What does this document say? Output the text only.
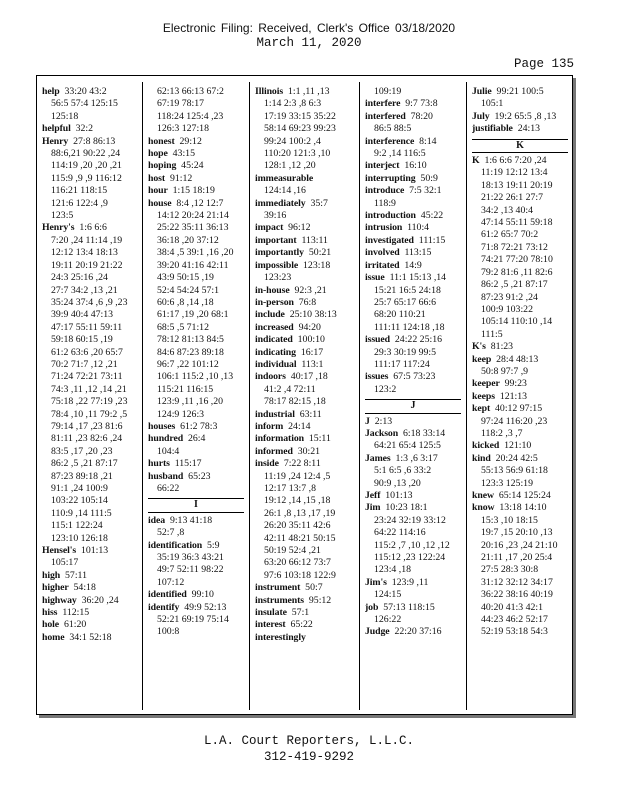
Electronic Filing: Received, Clerk's Office 03/18/2020
March 11, 2020
Page 135
help 33:20 43:2
56:5 57:4 125:15
125:18
helpful 32:2
Henry 27:8 86:13
88:6,21 90:22 ,24
114:19 ,20 ,20 ,21
115:9 ,9 ,9 116:12
116:21 118:15
121:6 122:4 ,9
123:5
Henry's 1:6 6:6
7:20 ,24 11:14 ,19
12:12 13:4 18:13
19:11 20:19 21:22
24:3 25:16 ,24
27:7 34:2 ,13 ,21
35:24 37:4 ,6 ,9 ,23
39:9 40:4 47:13
47:17 55:11 59:11
59:18 60:15 ,19
61:2 63:6 ,20 65:7
70:2 71:7 ,12 ,21
71:24 72:21 73:11
74:3 ,11 ,12 ,14 ,21
75:18 ,22 77:19 ,23
78:4 ,10 ,11 79:2 ,5
79:14 ,17 ,23 81:6
81:11 ,23 82:6 ,24
83:5 ,17 ,20 ,23
86:2 ,5 ,21 87:17
87:23 89:18 ,21
91:1 ,24 100:9
103:22 105:14
110:9 ,14 111:5
115:1 122:24
123:10 126:18
Hensel's 101:13
105:17
high 57:11
higher 54:18
highway 36:20 ,24
hiss 112:15
hole 61:20
home 34:1 52:18
62:13 66:13 67:2
67:19 78:17
118:24 125:4 ,23
126:3 127:18
honest 29:12
hope 43:15
hoping 45:24
host 91:12
hour 1:15 18:19
house 8:4 ,12 12:7
14:12 20:24 21:14
25:22 35:11 36:13
36:18 ,20 37:12
38:4 ,5 39:1 ,16 ,20
39:20 41:16 42:11
43:9 50:15 ,19
52:4 54:24 57:1
60:6 ,8 ,14 ,18
61:17 ,19 ,20 68:1
68:5 ,5 71:12
78:12 81:13 84:5
84:6 87:23 89:18
96:7 ,22 101:12
106:1 115:2 ,10 ,13
115:21 116:15
123:9 ,11 ,16 ,20
124:9 126:3
houses 61:2 78:3
hundred 26:4
104:4
hurts 115:17
husband 65:23
66:22
I
idea 9:13 41:18
52:7 ,8
identification 5:9
35:19 36:3 43:21
49:7 52:11 98:22
107:12
identified 99:10
identify 49:9 52:13
52:21 69:19 75:14
100:8
Illinois 1:1 ,11 ,13
1:14 2:3 ,8 6:3
17:19 33:15 35:22
58:14 69:23 99:23
99:24 100:2 ,4
110:20 121:3 ,10
128:1 ,12 ,20
immeasurable
124:14 ,16
immediately 35:7
39:16
impact 96:12
important 113:11
importantly 50:21
impossible 123:18
123:23
in-house 92:3 ,21
in-person 76:8
include 25:10 38:13
increased 94:20
indicated 100:10
indicating 16:17
individual 113:1
indoors 40:17 ,18
41:2 ,4 72:11
78:17 82:15 ,18
industrial 63:11
inform 24:14
information 15:11
informed 30:21
inside 7:22 8:11
11:19 ,24 12:4 ,5
12:17 13:7 ,8
19:12 ,14 ,15 ,18
26:1 ,8 ,13 ,17 ,19
26:20 35:11 42:6
42:11 48:21 50:15
50:19 52:4 ,21
63:20 66:12 73:7
97:6 103:18 122:9
instrument 50:7
instruments 95:12
insulate 57:1
interest 65:22
interestingly
109:19
interfere 9:7 73:8
interfered 78:20
86:5 88:5
interference 8:14
9:2 ,14 116:5
interject 16:10
interrupting 50:9
introduce 7:5 32:1
118:9
introduction 45:22
intrusion 110:4
investigated 111:15
involved 113:15
irritated 14:9
issue 11:1 15:13 ,14
15:21 16:5 24:18
25:7 65:17 66:6
68:20 110:21
111:11 124:18 ,18
issued 24:22 25:16
29:3 30:19 99:5
111:17 117:24
issues 67:5 73:23
123:2
J
J 2:13
Jackson 6:18 33:14
64:21 65:4 125:5
James 1:3 ,6 3:17
5:1 6:5 ,6 33:2
90:9 ,13 ,20
Jeff 101:13
Jim 10:23 18:1
23:24 32:19 33:12
64:22 114:16
115:2 ,7 ,10 ,12 ,12
115:12 ,23 122:24
123:4 ,18
Jim's 123:9 ,11
124:15
job 57:13 118:15
126:22
Judge 22:20 37:16
Julie 99:21 100:5
105:1
July 19:2 65:5 ,8 ,13
justifiable 24:13
K
K 1:6 6:6 7:20 ,24
11:19 12:12 13:4
18:13 19:11 20:19
21:22 26:1 27:7
34:2 ,13 40:4
47:14 55:11 59:18
61:2 65:7 70:2
71:8 72:21 73:12
74:21 77:20 78:10
79:2 81:6 ,11 82:6
86:2 ,5 ,21 87:17
87:23 91:2 ,24
100:9 103:22
105:14 110:10 ,14
111:5
K's 81:23
keep 28:4 48:13
50:8 97:7 ,9
keeper 99:23
keeps 121:13
kept 40:12 97:15
97:24 116:20 ,23
118:2 ,3 ,7
kicked 121:10
kind 20:24 42:5
55:13 56:9 61:18
123:3 125:19
knew 65:14 125:24
know 13:18 14:10
15:3 ,10 18:15
19:7 ,15 20:10 ,13
20:16 ,23 ,24 21:10
21:11 ,17 ,20 25:4
27:5 28:3 30:8
31:12 32:12 34:17
36:22 38:16 40:19
40:20 41:3 42:1
44:23 46:2 52:17
52:19 53:18 54:3
L.A. Court Reporters, L.L.C.
312-419-9292
